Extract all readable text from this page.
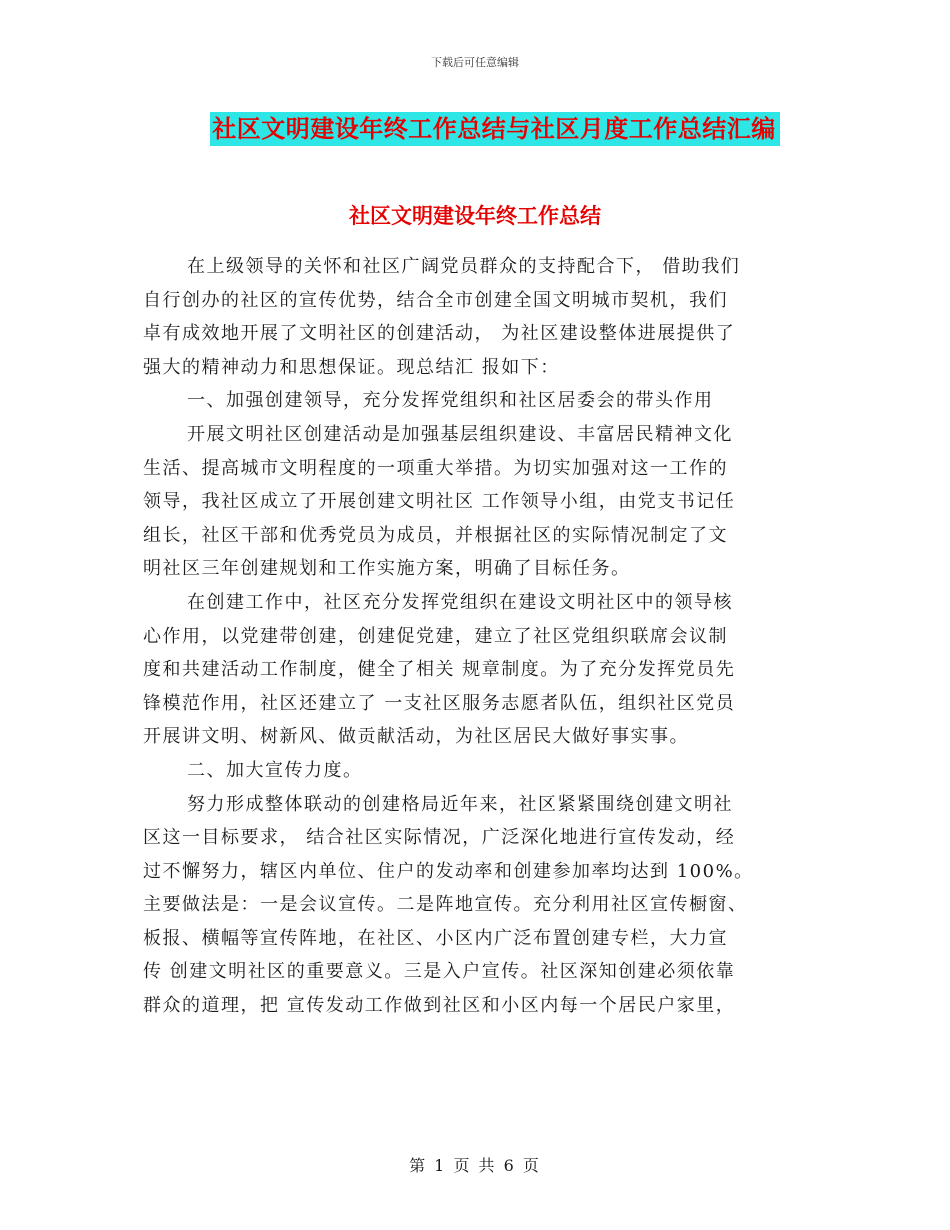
下载后可任意编辑
社区文明建设年终工作总结与社区月度工作总结汇编
社区文明建设年终工作总结
在上级领导的关怀和社区广阔党员群众的支持配合下， 借助我们
自行创办的社区的宣传优势，结合全市创建全国文明城市契机，我们
卓有成效地开展了文明社区的创建活动， 为社区建设整体进展提供了
强大的精神动力和思想保证。现总结汇 报如下：
一、加强创建领导，充分发挥党组织和社区居委会的带头作用
开展文明社区创建活动是加强基层组织建设、丰富居民精神文化
生活、提高城市文明程度的一项重大举措。为切实加强对这一工作的
领导，我社区成立了开展创建文明社区 工作领导小组，由党支书记任
组长，社区干部和优秀党员为成员，并根据社区的实际情况制定了文
明社区三年创建规划和工作实施方案，明确了目标任务。
在创建工作中，社区充分发挥党组织在建设文明社区中的领导核
心作用，以党建带创建，创建促党建，建立了社区党组织联席会议制
度和共建活动工作制度，健全了相关 规章制度。为了充分发挥党员先
锋模范作用，社区还建立了 一支社区服务志愿者队伍，组织社区党员
开展讲文明、树新风、做贡献活动，为社区居民大做好事实事。
二、加大宣传力度。
努力形成整体联动的创建格局近年来，社区紧紧围绕创建文明社
区这一目标要求， 结合社区实际情况，广泛深化地进行宣传发动，经
过不懈努力，辖区内单位、住户的发动率和创建参加率均达到 100%。
主要做法是：一是会议宣传。二是阵地宣传。充分利用社区宣传橱窗、
板报、横幅等宣传阵地，在社区、小区内广泛布置创建专栏，大力宣
传 创建文明社区的重要意义。三是入户宣传。社区深知创建必须依靠
群众的道理，把 宣传发动工作做到社区和小区内每一个居民户家里，
第 1 页 共 6 页
